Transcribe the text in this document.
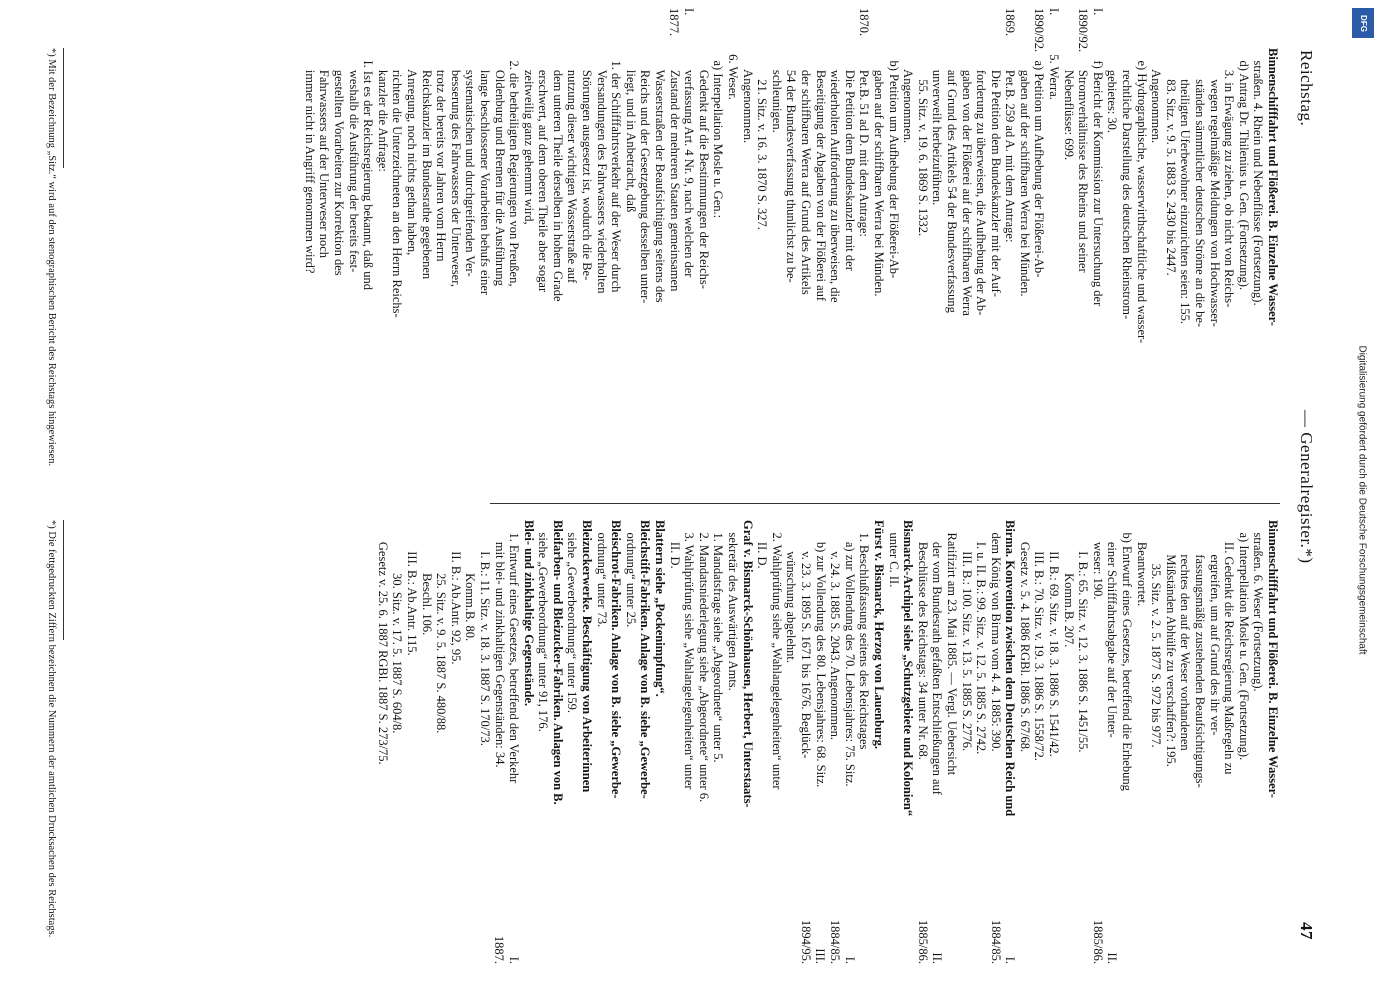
Reichstag.
— Generalregister.*)
47
I.
1890/92.
I.
1890/92.
1869.
1870.
I.
1877.
Binnenschifffahrt und Flößerei. B. Einzelne Wasser-
straßen. 4. Rhein und Nebenflüsse (Fortsetzung).
d) Antrag Dr. Thilenius u. Gen. (Fortsetzung).
3. in Erwägung zu ziehen, ob nicht von Reichs-
wegen regelmäßige Meldungen von Hochwasser-
ständen sämmtlicher deutschen Ströme an die be-
theiligten Uferbewohner einzurichten seien: 155.
83. Sitz. v. 9. 5. 1883 S. 2430 bis 2447.
Angenommen.
e) Hydrographische, wasserwirthschaftliche und wasser-
rechtliche Darstellung des deutschen Rheinstrom-
gebietes: 30.
f) Bericht der Kommission zur Untersuchung der
Stromverhältnisse des Rheins und seiner
Nebenflüsse: 699.
5. Werra.
a) Petition um Aufhebung der Flößerei-Ab-
gaben auf der schiffbaren Werra bei Münden.
Pet.B. 259 ad A. mit dem Antrage:
Die Petition dem Bundeskanzler mit der Auf-
forderung zu überweisen, die Aufhebung der Ab-
gaben von der Flößerei auf der schiffbaren Werra
auf Grund des Artikels 54 der Bundesverfassung
unverweilt herbeizuführen.
55. Sitz. v. 19. 6. 1869 S. 1332.
Angenommen.
b) Petition um Aufhebung der Flößerei-Ab-
gaben auf der schiffbaren Werra bei Münden.
Pet.B. 51 ad D. mit dem Antrage:
Die Petition dem Bundeskanzler mit der
wiederholten Aufforderung zu überweisen, die
Beseitigung der Abgaben von der Flößerei auf
der schiffbaren Werra auf Grund des Artikels
54 der Bundesverfassung thunlichst zu be-
schleunigen.
21. Sitz. v. 16. 3. 1870 S. 327.
Angenommen.
6. Weser.
a) Interpellation Mosle u. Gen.:
Gedenkt auf die Bestimmungen der Reichs-
verfassung Art. 4 Nr. 9, nach welchen der
Zustand der mehreren Staaten gemeinsamen
Wasserstraßen der Beaufsichtigung seitens des
Reichs und der Gesetzgebung desselben unter-
liegt, und in Anbetracht, daß
1. der Schifffahrtsverkehr auf der Weser durch
Versandungen des Fahrwassers wiederholten
Störungen ausgesetzt ist, wodurch die Be-
nutzung dieser wichtigen Wasserstraße auf
dem unteren Theile derselben in hohem Grade
erschwert, auf dem oberen Theile aber sogar
zeitweilig ganz gehemmt wird,
2. die betheiligten Regierungen von Preußen,
Oldenburg und Bremen für die Ausführung
lange beschlossener Vorarbeiten behufs einer
systematischen und durchgreifenden Ver-
besserung des Fahrwassers der Unterweser,
trotz der bereits vor Jahren vom Herrn
Reichskanzler im Bundesrathe gegebenen
Anregung, noch nichts gethan haben,
richten die Unterzeichneten an den Herrn Reichs-
kanzler die Anfrage:
I. Ist es der Reichsregierung bekannt, daß und
weshalb die Ausführung der bereits fest-
gestellten Vorarbeiten zur Korrektion des
Fahrwassers auf der Unterweser noch
immer nicht in Angriff genommen wird?
Binnenschifffahrt und Flößerei. B. Einzelne Wasser-
straßen. 6. Weser (Fortsetzung).
a) Interpellation Mosle u. Gen. (Fortsetzung).
II. Gedenkt die Reichsregierung Maßregeln zu
ergreifen, um auf Grund des ihr ver-
fassungsmäßig zustehenden Beaufsichtigungs-
rechtes den auf der Weser vorhandenen
Mißständen Abhülfe zu verschaffen?: 195.
35. Sitz. v. 2. 5. 1877 S. 972 bis 977.
Beantwortet.
b) Entwurf eines Gesetzes, betreffend die Erhebung
einer Schifffahrtsabgabe auf der Unter-
weser: 190.
I. B.: 65. Sitz. v. 12. 3. 1886 S. 1451/55.
Komm.B. 207.
II. B.: 69. Sitz. v. 18. 3. 1886 S. 1541/42.
III. B.: 70. Sitz. v. 19. 3. 1886 S. 1558/72.
Gesetz v. 5. 4. 1886 RGBl. 1886 S. 67/68.
Birma. Konvention zwischen dem Deutschen Reich und
dem König von Birma vom 4. 4. 1885: 390.
I. u. II. B.: 99. Sitz. v. 12. 5. 1885 S. 2742.
III. B.: 100. Sitz. v. 13. 5. 1885 S. 2776.
Ratifizirt am 23. Mai 1885. — Vergl. Uebersicht
der vom Bundesrath gefaßten Entschließungen auf
Beschlüsse des Reichstags: 34 unter Nr. 68.
Bismarck-Archipel siehe „Schutzgebiete und Kolonien“
unter C. II.
Fürst v. Bismarck, Herzog von Lauenburg.
1. Beschlußfassung seitens des Reichstages
a) zur Vollendung des 70. Lebensjahres: 75. Sitz.
v. 24. 3. 1885 S. 2043. Angenommen.
b) zur Vollendung des 80. Lebensjahres: 68. Sitz.
v. 23. 3. 1895 S. 1671 bis 1676. Beglück-
wünschung abgelehnt.
2. Wahlprüfung siehe „Wahlangelegenheiten“ unter
II. D.
Graf v. Bismarck-Schönhausen, Herbert, Unterstaats-
sekretär des Auswärtigen Amts.
1. Mandatsfrage siehe „Abgeordnete“ unter 5.
2. Mandatsniederlegung siehe „Abgeordnete“ unter 6.
3. Wahlprüfung siehe „Wahlangelegenheiten“ unter
II. D.
Blattern siehe „Pockenimpfung“.
Bleichstift-Fabriken. Anlage von B. siehe „Gewerbe-
ordnung“ unter 25.
Bleischrot-Fabriken. Anlage von B. siehe „Gewerbe-
ordnung“ unter 73.
Bleizuckerwerke. Beschäftigung von Arbeiterinnen
siehe „Gewerbeordnung“ unter 159.
Bleifarben- und Bleizucker-Fabriken. Anlagen von B.
siehe „Gewerbeordnung“ unter 91, 176.
Blei- und zinkhaltige Gegenstände.
1. Entwurf eines Gesetzes, betreffend den Verkehr
mit blei- und zinkhaltigen Gegenständen: 34.
I. B.: 11. Sitz. v. 18. 3. 1887 S. 170/73.
Komm.B. 80.
II. B.: Ab.Antr. 92, 95.
25. Sitz. v. 9. 5. 1887 S. 480/88.
Beschl. 106.
III. B.: Ab.Antr. 115.
30. Sitz. v. 17. 5. 1887 S. 604/8.
Gesetz v. 25. 6. 1887 RGBl. 1887 S. 273/75.
II.
1885/86.
I.
1884/85.
II.
1885/86.
I.
1884/85.
III.
1894/95.
I.
1887.
*) Mit der Bezeichnung „Sitz.“ wird auf den stenographischen Bericht des Reichstags hingewiesen.
*) Die fettgedruckten Ziffern bezeichnen die Nummern der amtlichen Drucksachen des Reichstags.
Digitalisierung gefördert durch die Deutsche Forschungsgemeinschaft
DFG
